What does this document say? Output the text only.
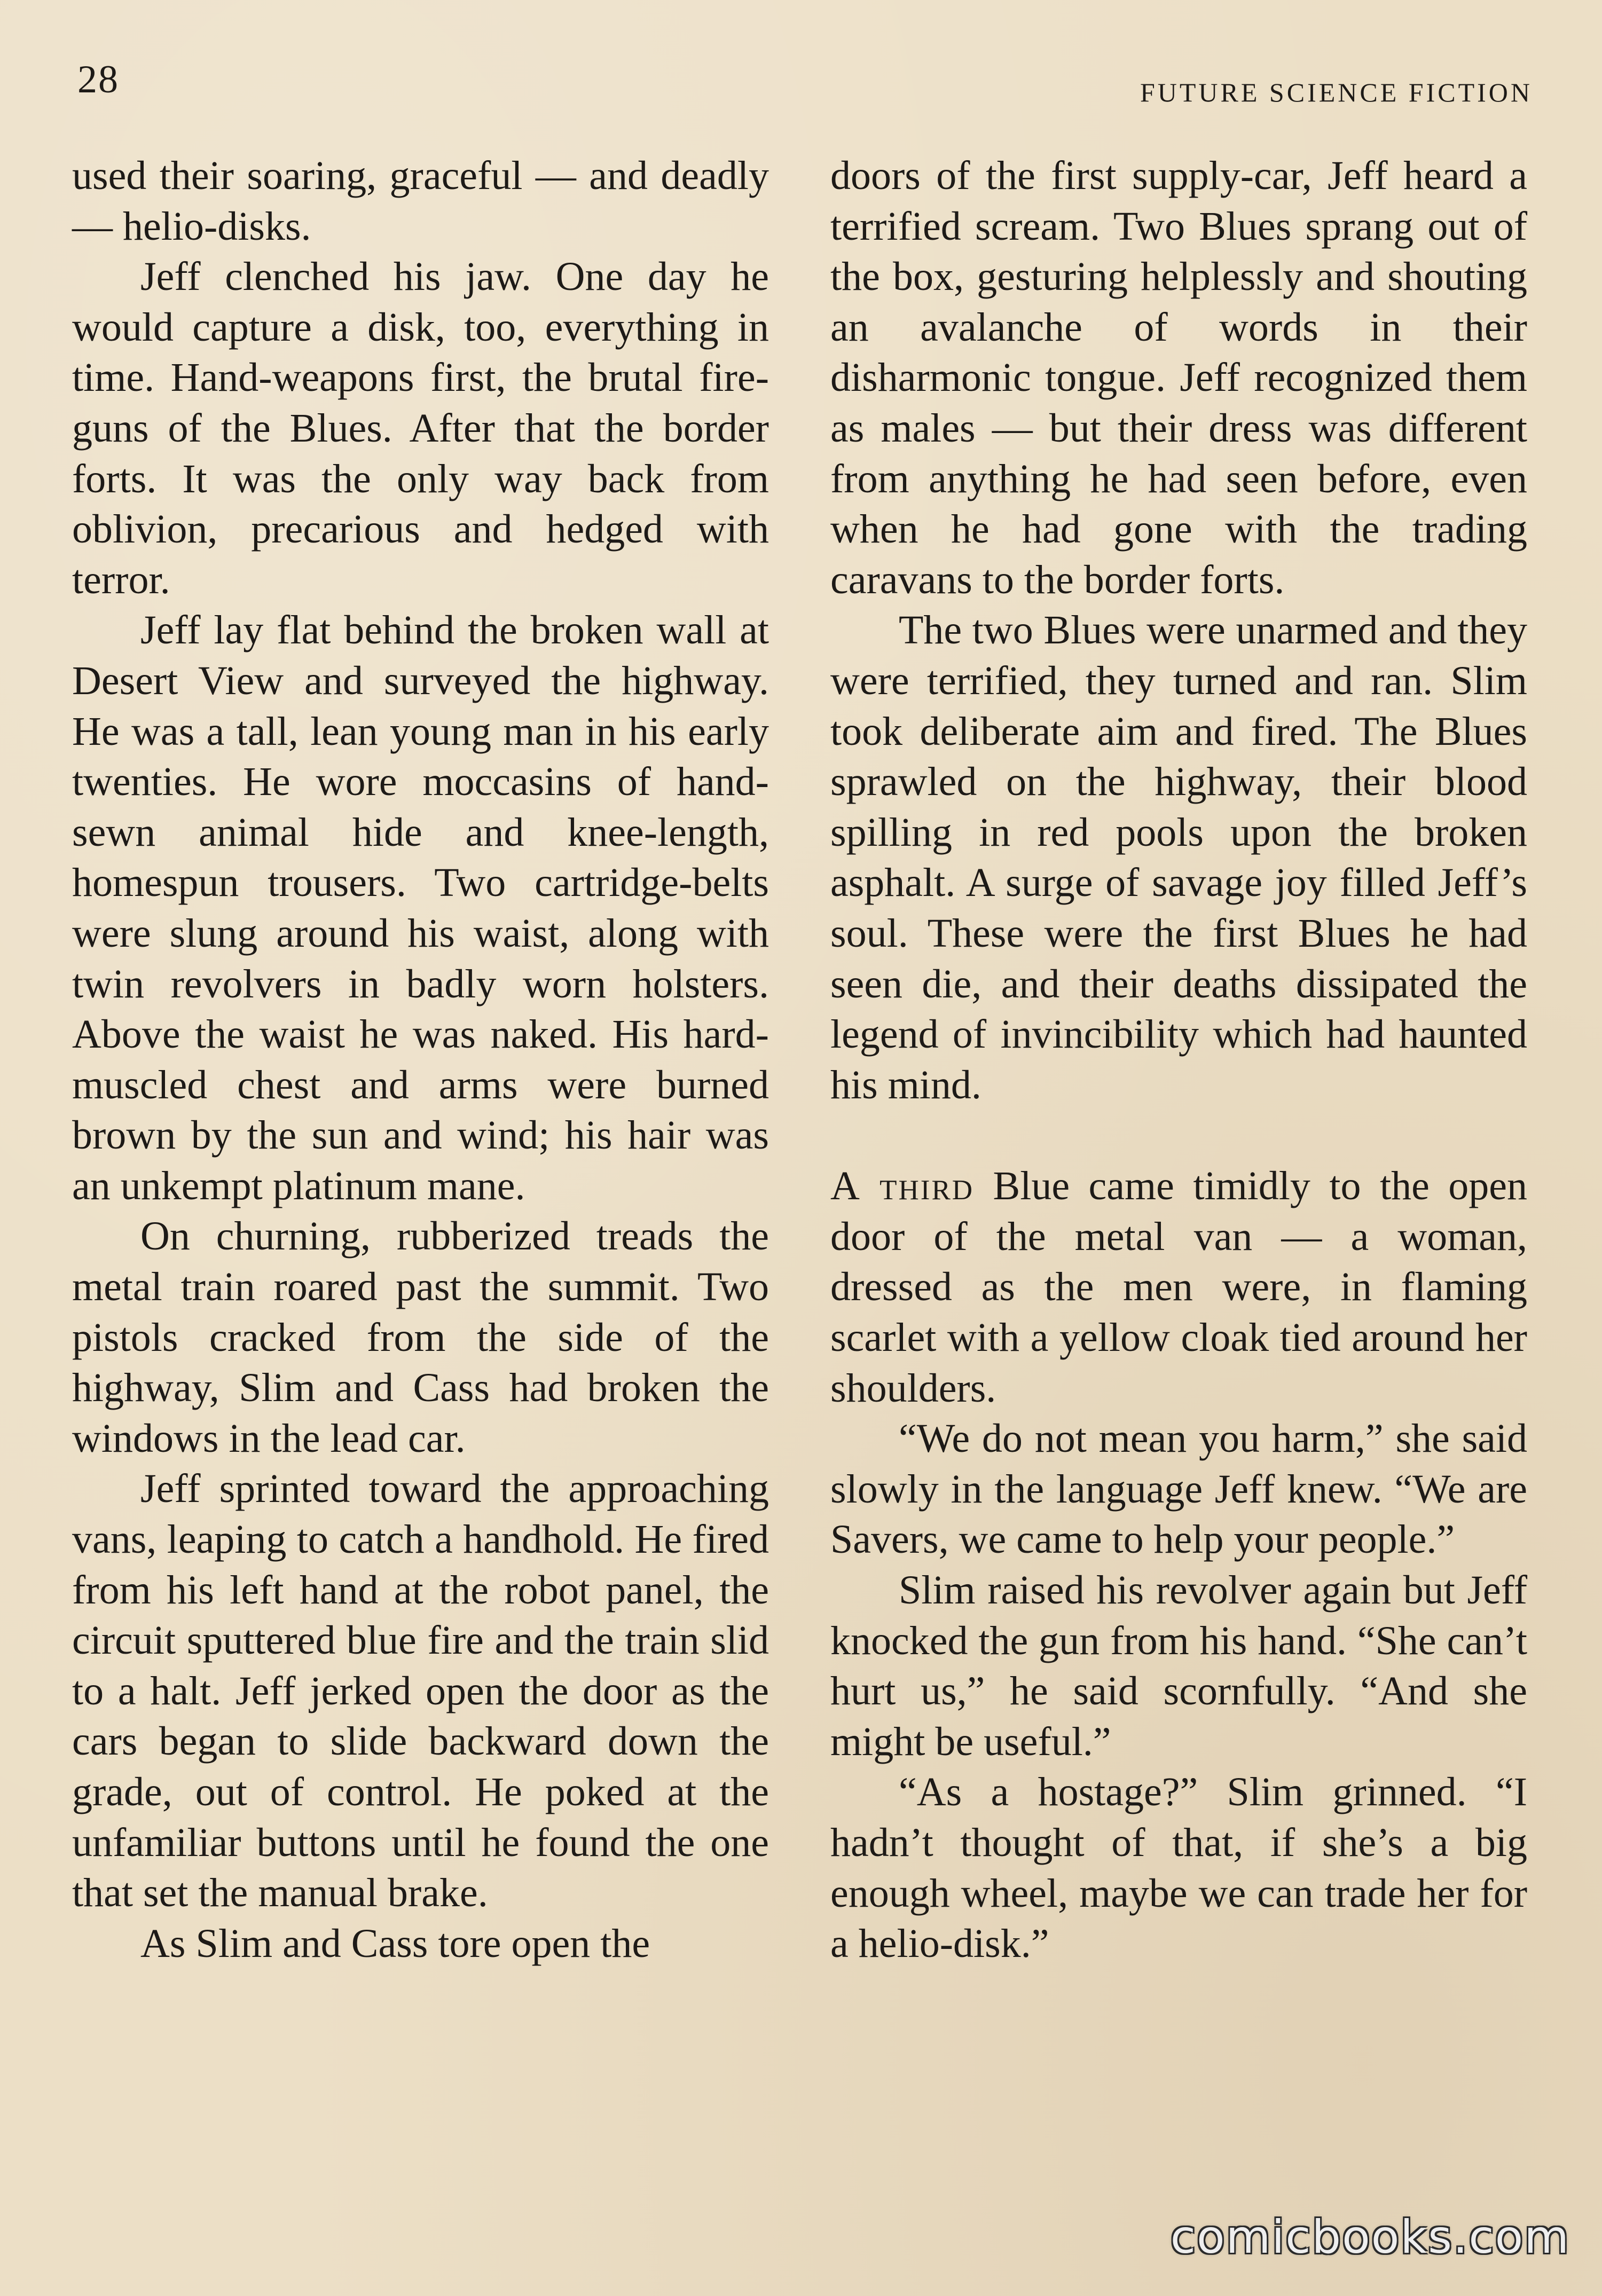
28	FUTURE SCIENCE FICTION

used their soaring, graceful — and deadly — helio-disks.

Jeff clenched his jaw. One day he would capture a disk, too, everything in time. Hand-weapons first, the brutal fire-guns of the Blues. After that the border forts. It was the only way back from oblivion, precarious and hedged with terror.

Jeff lay flat behind the broken wall at Desert View and surveyed the highway. He was a tall, lean young man in his early twenties. He wore moccasins of hand-sewn animal hide and knee-length, homespun trousers. Two cartridge-belts were slung around his waist, along with twin revolvers in badly worn holsters. Above the waist he was naked. His hard-muscled chest and arms were burned brown by the sun and wind; his hair was an unkempt platinum mane.

On churning, rubberized treads the metal train roared past the summit. Two pistols cracked from the side of the highway, Slim and Cass had broken the windows in the lead car.

Jeff sprinted toward the approaching vans, leaping to catch a handhold. He fired from his left hand at the robot panel, the circuit sputtered blue fire and the train slid to a halt. Jeff jerked open the door as the cars began to slide backward down the grade, out of control. He poked at the unfamiliar buttons until he found the one that set the manual brake.

As Slim and Cass tore open the

doors of the first supply-car, Jeff heard a terrified scream. Two Blues sprang out of the box, gesturing helplessly and shouting an avalanche of words in their disharmonic tongue. Jeff recognized them as males — but their dress was different from anything he had seen before, even when he had gone with the trading caravans to the border forts.

The two Blues were unarmed and they were terrified, they turned and ran. Slim took deliberate aim and fired. The Blues sprawled on the highway, their blood spilling in red pools upon the broken asphalt. A surge of savage joy filled Jeff’s soul. These were the first Blues he had seen die, and their deaths dissipated the legend of invincibility which had haunted his mind.

A third Blue came timidly to the open door of the metal van — a woman, dressed as the men were, in flaming scarlet with a yellow cloak tied around her shoulders.

“We do not mean you harm,” she said slowly in the language Jeff knew. “We are Savers, we came to help your people.”

Slim raised his revolver again but Jeff knocked the gun from his hand. “She can’t hurt us,” he said scornfully. “And she might be useful.”

“As a hostage?” Slim grinned. “I hadn’t thought of that, if she’s a big enough wheel, maybe we can trade her for a helio-disk.”

comicbooks.com
